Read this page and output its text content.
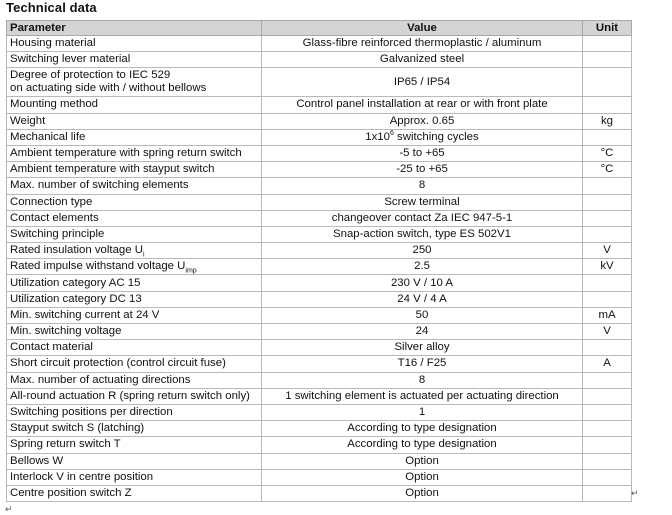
Technical data
Parameter	Value	Unit
Housing material	Glass-fibre reinforced thermoplastic / aluminum	
Switching lever material	Galvanized steel	

Degree of protection to IEC 529
on actuating side with / without bellows	IP65 / IP54	
Mounting method	Control panel installation at rear or with front plate	
Weight	Approx. 0.65	kg
Mechanical life	$1x10^6$ switching cycles	
Ambient temperature with spring return switch	-5 to +65	°C
Ambient temperature with stayput switch	-25 to +65	°C
Max. number of switching elements	8	
Connection type	Screw terminal	
Contact elements	changeover contact Za IEC 947-5-1	
Switching principle	Snap-action switch, type ES 502V1	
Rated insulation voltage $U_i$	250	V
Rated impulse withstand voltage $U_{imp}$	2.5	kV
Utilization category AC 15	230 V / 10 A	
Utilization category DC 13	24 V / 4 A	
Min. switching current at 24 V	50	mA
Min. switching voltage	24	V
Contact material	Silver alloy	
Short circuit protection (control circuit fuse)	T16 / F25	A
Max. number of actuating directions	8	
All-round actuation R (spring return switch only)	1 switching element is actuated per actuating direction	
Switching positions per direction	1	
Stayput switch S (latching)	According to type designation	
Spring return switch T	According to type designation	
Bellows W	Option	
Interlock V in centre position	Option	
Centre position switch Z	Option		↵
↵
